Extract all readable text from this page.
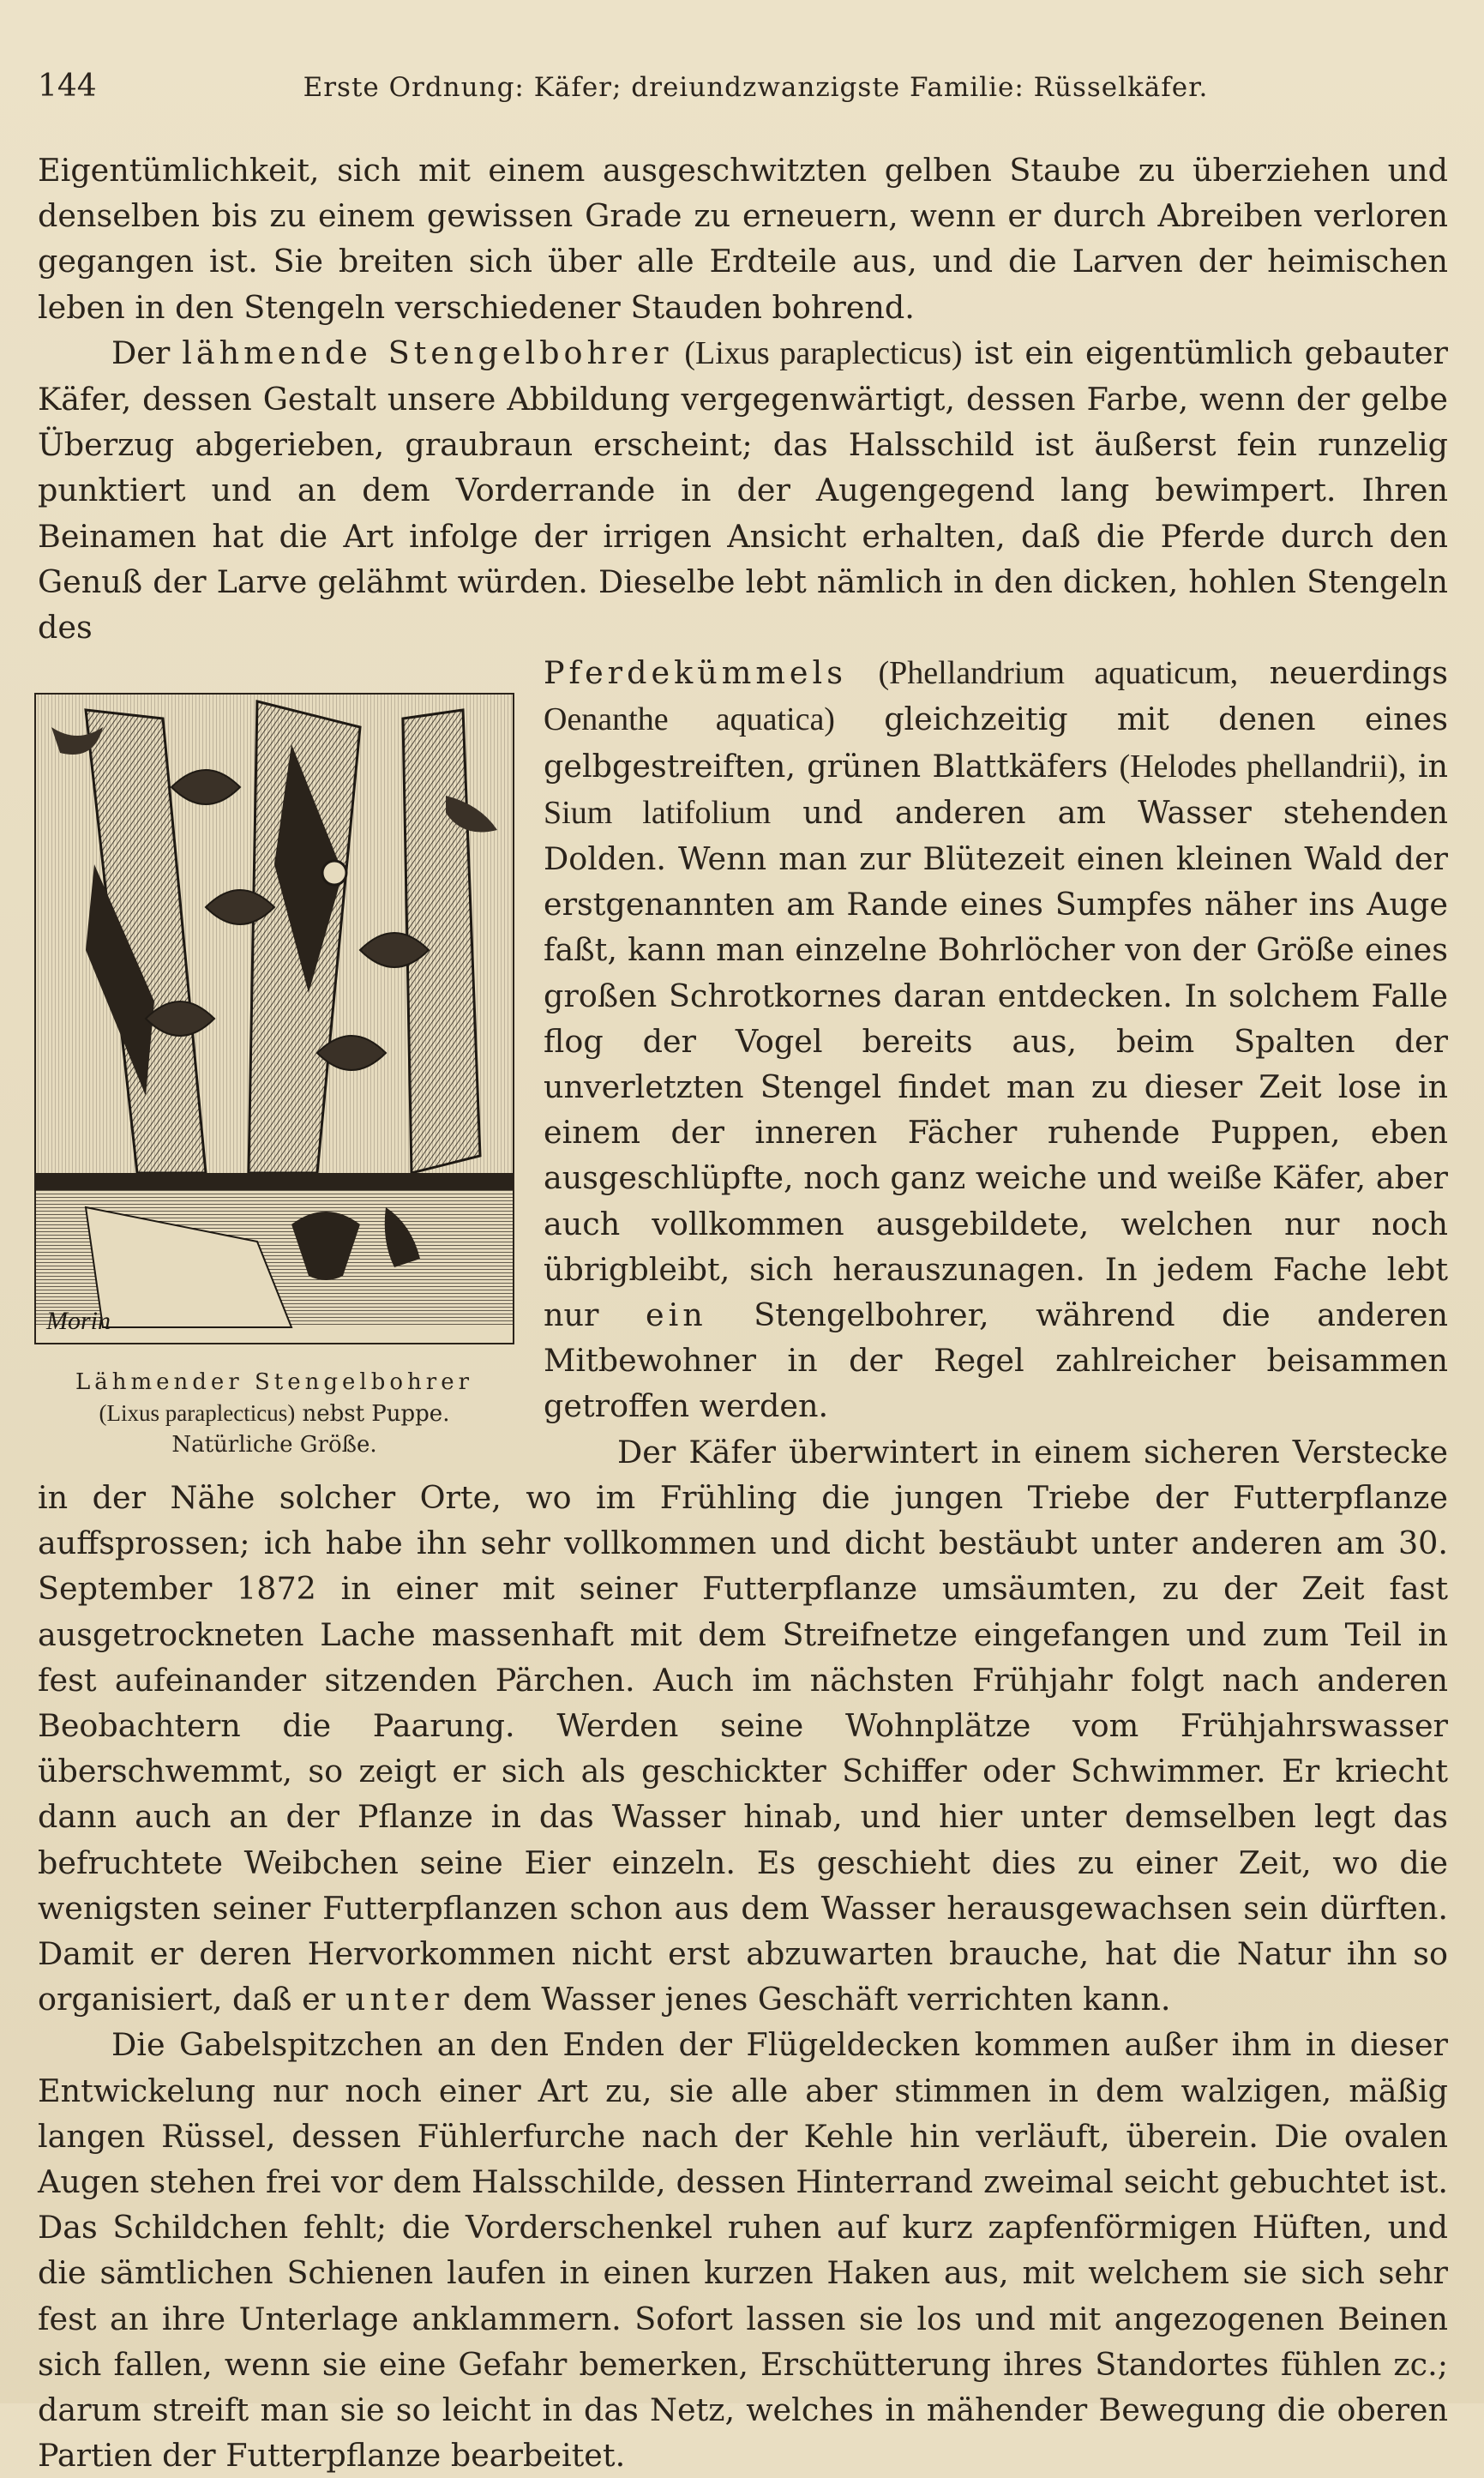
144	Erste Ordnung: Käfer; dreiundzwanzigste Familie: Rüsselkäfer.

Eigentümlichkeit, sich mit einem ausgeschwitzten gelben Staube zu überziehen und denselben bis zu einem gewissen Grade zu erneuern, wenn er durch Abreiben verloren gegangen ist. Sie breiten sich über alle Erdteile aus, und die Larven der heimischen leben in den Stengeln verschiedener Stauden bohrend.

Der lähmende Stengelbohrer (Lixus paraplecticus) ist ein eigentümlich gebauter Käfer, dessen Gestalt unsere Abbildung vergegenwärtigt, dessen Farbe, wenn der gelbe Überzug abgerieben, graubraun erscheint; das Halsschild ist äußerst fein runzelig punktiert und an dem Vorderrande in der Augengegend lang bewimpert. Ihren Beinamen hat die Art infolge der irrigen Ansicht erhalten, daß die Pferde durch den Genuß der Larve gelähmt würden. Dieselbe lebt nämlich in den dicken, hohlen Stengeln des

Morin
Lähmender Stengelbohrer
(Lixus paraplecticus) nebst Puppe.
Natürliche Größe.

Pferdekümmels (Phellandrium aquaticum, neuerdings Oenanthe aquatica) gleichzeitig mit denen eines gelbgestreiften, grünen Blattkäfers (Helodes phellandrii), in Sium latifolium und anderen am Wasser stehenden Dolden. Wenn man zur Blütezeit einen kleinen Wald der erstgenannten am Rande eines Sumpfes näher ins Auge faßt, kann man einzelne Bohrlöcher von der Größe eines großen Schrotkornes daran entdecken. In solchem Falle flog der Vogel bereits aus, beim Spalten der unverletzten Stengel findet man zu dieser Zeit lose in einem der inneren Fächer ruhende Puppen, eben ausgeschlüpfte, noch ganz weiche und weiße Käfer, aber auch vollkommen ausgebildete, welchen nur noch übrigbleibt, sich herauszunagen. In jedem Fache lebt nur ein Stengelbohrer, während die anderen Mitbewohner in der Regel zahlreicher beisammen getroffen werden.

Der Käfer überwintert in einem sicheren Verstecke in der Nähe solcher Orte, wo im Frühling die jungen Triebe der Futterpflanze auffsprossen; ich habe ihn sehr vollkommen und dicht bestäubt unter anderen am 30. September 1872 in einer mit seiner Futterpflanze umsäumten, zu der Zeit fast ausgetrockneten Lache massenhaft mit dem Streifnetze eingefangen und zum Teil in fest aufeinander sitzenden Pärchen. Auch im nächsten Frühjahr folgt nach anderen Beobachtern die Paarung. Werden seine Wohnplätze vom Frühjahrswasser überschwemmt, so zeigt er sich als geschickter Schiffer oder Schwimmer. Er kriecht dann auch an der Pflanze in das Wasser hinab, und hier unter demselben legt das befruchtete Weibchen seine Eier einzeln. Es geschieht dies zu einer Zeit, wo die wenigsten seiner Futterpflanzen schon aus dem Wasser herausgewachsen sein dürften. Damit er deren Hervorkommen nicht erst abzuwarten brauche, hat die Natur ihn so organisiert, daß er unter dem Wasser jenes Geschäft verrichten kann.

Die Gabelspitzchen an den Enden der Flügeldecken kommen außer ihm in dieser Entwickelung nur noch einer Art zu, sie alle aber stimmen in dem walzigen, mäßig langen Rüssel, dessen Fühlerfurche nach der Kehle hin verläuft, überein. Die ovalen Augen stehen frei vor dem Halsschilde, dessen Hinterrand zweimal seicht gebuchtet ist. Das Schildchen fehlt; die Vorderschenkel ruhen auf kurz zapfenförmigen Hüften, und die sämtlichen Schienen laufen in einen kurzen Haken aus, mit welchem sie sich sehr fest an ihre Unterlage anklammern. Sofort lassen sie los und mit angezogenen Beinen sich fallen, wenn sie eine Gefahr bemerken, Erschütterung ihres Standortes fühlen zc.; darum streift man sie so leicht in das Netz, welches in mähender Bewegung die oberen Partien der Futterpflanze bearbeitet.
